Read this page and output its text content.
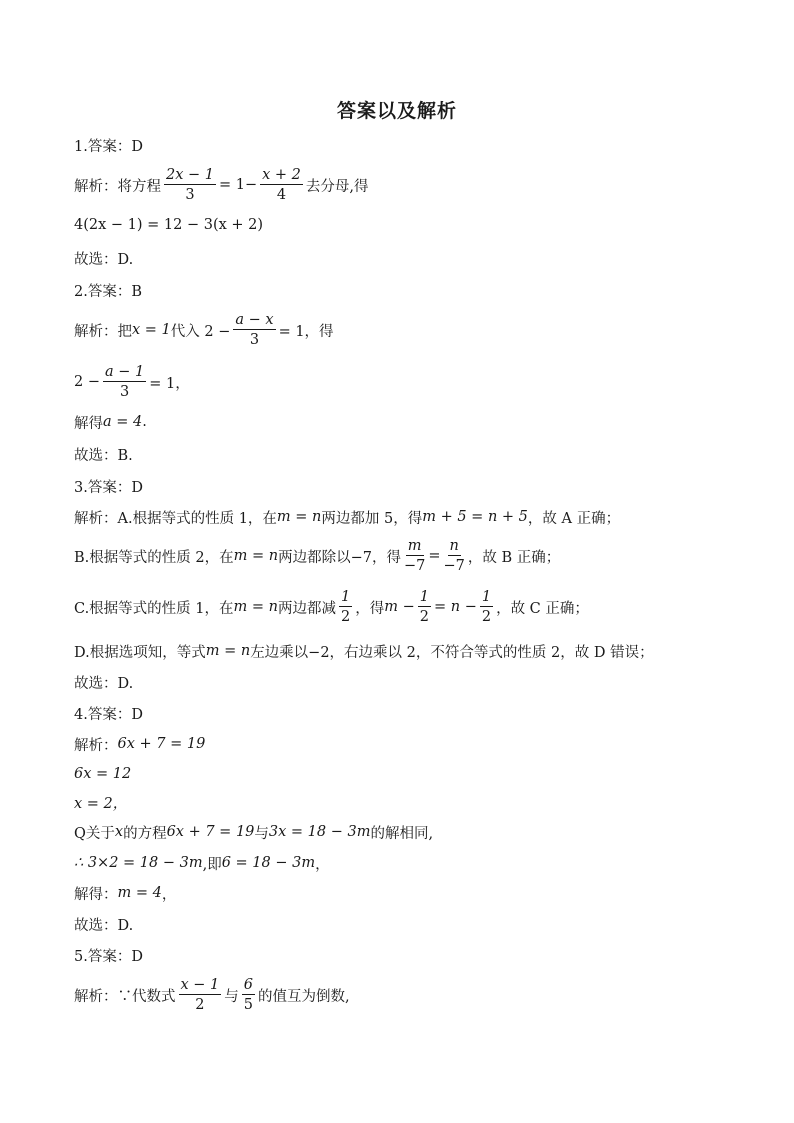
答案以及解析
1.答案：D
解析：将方程 $\frac{2x - 1}{3} = 1- \frac{x + 2}{4}$ 去分母,得
4(2x − 1) = 12 − 3(x + 2)
故选：D.
2.答案：B
解析：把 x = 1 代入 $2 - \frac{a - x}{3} = 1$，得
$2 - \frac{a - 1}{3} = 1$，
解得 a = 4 .
故选：B.
3.答案：D
解析：A.根据等式的性质 1，在 m = n 两边都加 5，得 m + 5 = n + 5 ，故 A 正确；
B.根据等式的性质 2，在 m = n 两边都除以−7，得 $\frac{m}{-7} = \frac{n}{-7}$ ，故 B 正确；
C.根据等式的性质 1，在 m = n 两边都减 $\frac{1}{2}$ ，得 $m - \frac{1}{2} = n - \frac{1}{2}$ ，故 C 正确；
D.根据选项知，等式 m = n 左边乘以−2，右边乘以 2，不符合等式的性质 2，故 D 错误；
故选：D.
4.答案：D
解析： 6x + 7 = 19
6x = 12
x = 2，
Q关于 x 的方程 6x + 7 = 19 与 3x = 18 − 3m 的解相同,
∴ 3×2 = 18 − 3m ,即 6 = 18 − 3m ，
解得： m = 4 ，
故选：D.
5.答案：D
解析：∵代数式 $\frac{x - 1}{2}$ 与 $\frac{6}{5}$ 的值互为倒数,
